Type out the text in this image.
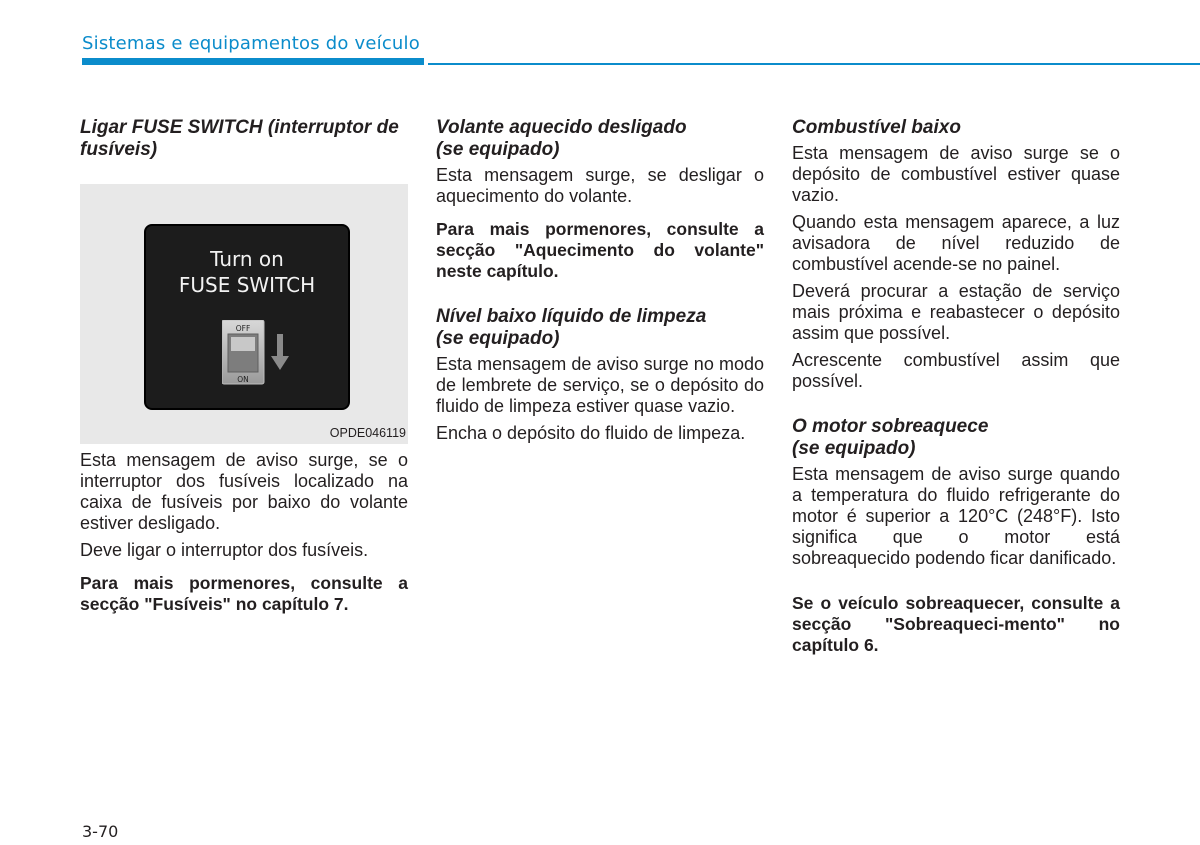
Sistemas e equipamentos do veículo
Ligar FUSE SWITCH (interruptor de fusíveis)
Turn on
FUSE SWITCH
OFF
ON
OPDE046119

Esta mensagem de aviso surge, se o interruptor dos fusíveis localizado na caixa de fusíveis por baixo do volante estiver desligado.

Deve ligar o interruptor dos fusíveis.

Para mais pormenores, consulte a secção "Fusíveis" no capítulo 7.

Volante aquecido desligado
(se equipado)

Esta mensagem surge, se desligar o aquecimento do volante.

Para mais pormenores, consulte a secção "Aquecimento do volante" neste capítulo.

Nível baixo líquido de limpeza
(se equipado)

Esta mensagem de aviso surge no modo de lembrete de serviço, se o depósito do fluido de limpeza estiver quase vazio.

Encha o depósito do fluido de limpeza.

Combustível baixo

Esta mensagem de aviso surge se o depósito de combustível estiver quase vazio.

Quando esta mensagem aparece, a luz avisadora de nível reduzido de combustível acende-se no painel.

Deverá procurar a estação de serviço mais próxima e reabastecer o depósito assim que possível.

Acrescente combustível assim que possível.

O motor sobreaquece
(se equipado)

Esta mensagem de aviso surge quando a temperatura do fluido refrigerante do motor é superior a 120°C (248°F). Isto significa que o motor está sobreaquecido podendo ficar danificado.

Se o veículo sobreaquecer, consulte a secção "Sobreaqueci-mento" no capítulo 6.

3-70
